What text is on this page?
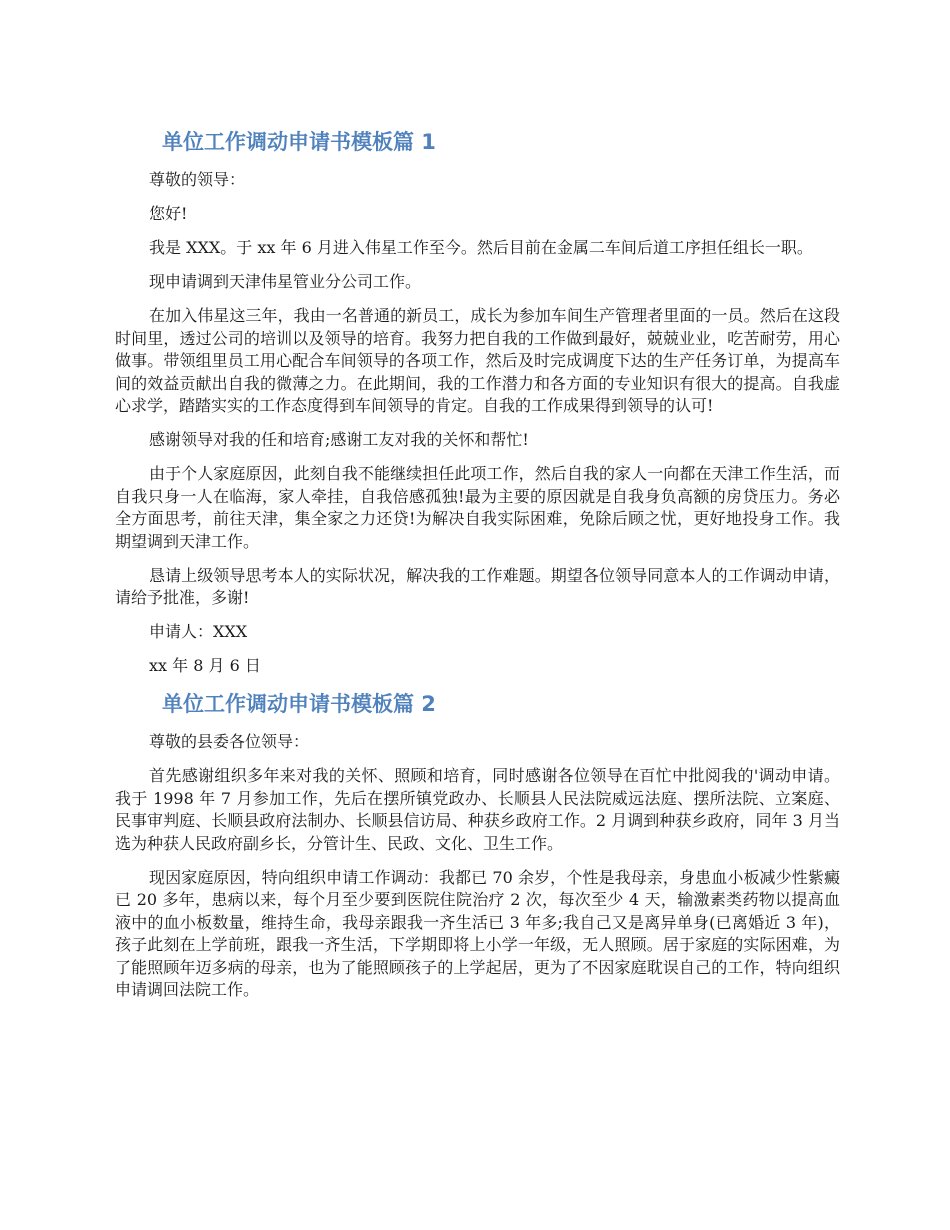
单位工作调动申请书模板篇 1

尊敬的领导：

您好!

我是 XXX。于 xx 年 6 月进入伟星工作至今。然后目前在金属二车间后道工序担任组长一职。

现申请调到天津伟星管业分公司工作。

在加入伟星这三年，我由一名普通的新员工，成长为参加车间生产管理者里面的一员。然后在这段时间里，透过公司的培训以及领导的培育。我努力把自我的工作做到最好，兢兢业业，吃苦耐劳，用心做事。带领组里员工用心配合车间领导的各项工作，然后及时完成调度下达的生产任务订单，为提高车间的效益贡献出自我的微薄之力。在此期间，我的工作潜力和各方面的专业知识有很大的提高。自我虚心求学，踏踏实实的工作态度得到车间领导的肯定。自我的工作成果得到领导的认可!

感谢领导对我的任和培育;感谢工友对我的关怀和帮忙!

由于个人家庭原因，此刻自我不能继续担任此项工作，然后自我的家人一向都在天津工作生活，而自我只身一人在临海，家人牵挂，自我倍感孤独!最为主要的原因就是自我身负高额的房贷压力。务必全方面思考，前往天津，集全家之力还贷!为解决自我实际困难，免除后顾之忧，更好地投身工作。我期望调到天津工作。

恳请上级领导思考本人的实际状况，解决我的工作难题。期望各位领导同意本人的工作调动申请，请给予批准，多谢!

申请人：XXX

xx 年 8 月 6 日

单位工作调动申请书模板篇 2

尊敬的县委各位领导：

首先感谢组织多年来对我的关怀、照顾和培育，同时感谢各位领导在百忙中批阅我的'调动申请。我于 1998 年 7 月参加工作，先后在摆所镇党政办、长顺县人民法院威远法庭、摆所法院、立案庭、民事审判庭、长顺县政府法制办、长顺县信访局、种获乡政府工作。2 月调到种获乡政府，同年 3 月当选为种获人民政府副乡长，分管计生、民政、文化、卫生工作。

现因家庭原因，特向组织申请工作调动：我都已 70 余岁，个性是我母亲，身患血小板减少性紫癜已 20 多年，患病以来，每个月至少要到医院住院治疗 2 次，每次至少 4 天，输激素类药物以提高血液中的血小板数量，维持生命，我母亲跟我一齐生活已 3 年多;我自己又是离异单身(已离婚近 3 年)，孩子此刻在上学前班，跟我一齐生活，下学期即将上小学一年级，无人照顾。居于家庭的实际困难，为了能照顾年迈多病的母亲，也为了能照顾孩子的上学起居，更为了不因家庭耽误自己的工作，特向组织申请调回法院工作。
